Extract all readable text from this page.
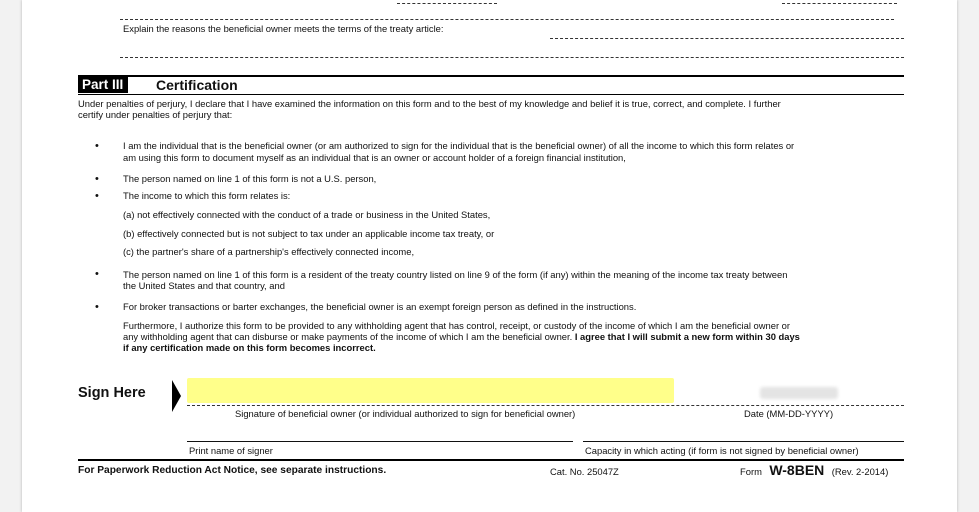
Explain the reasons the beneficial owner meets the terms of the treaty article:
Part III	Certification
Under penalties of perjury, I declare that I have examined the information on this form and to the best of my knowledge and belief it is true, correct, and complete. I further
certify under penalties of perjury that:
•	I am the individual that is the beneficial owner (or am authorized to sign for the individual that is the beneficial owner) of all the income to which this form relates or
am using this form to document myself as an individual that is an owner or account holder of a foreign financial institution,
•	The person named on line 1 of this form is not a U.S. person,
•	The income to which this form relates is:
(a) not effectively connected with the conduct of a trade or business in the United States,
(b) effectively connected but is not subject to tax under an applicable income tax treaty, or
(c) the partner's share of a partnership's effectively connected income,
•	The person named on line 1 of this form is a resident of the treaty country listed on line 9 of the form (if any) within the meaning of the income tax treaty between
the United States and that country, and
•	For broker transactions or barter exchanges, the beneficial owner is an exempt foreign person as defined in the instructions.
Furthermore, I authorize this form to be provided to any withholding agent that has control, receipt, or custody of the income of which I am the beneficial owner or
any withholding agent that can disburse or make payments of the income of which I am the beneficial owner. I agree that I will submit a new form within 30 days
if any certification made on this form becomes incorrect.
Sign Here
Signature of beneficial owner (or individual authorized to sign for beneficial owner)	Date (MM-DD-YYYY)
Print name of signer	Capacity in which acting (if form is not signed by beneficial owner)
For Paperwork Reduction Act Notice, see separate instructions.	Cat. No. 25047Z	Form W-8BEN (Rev. 2-2014)
